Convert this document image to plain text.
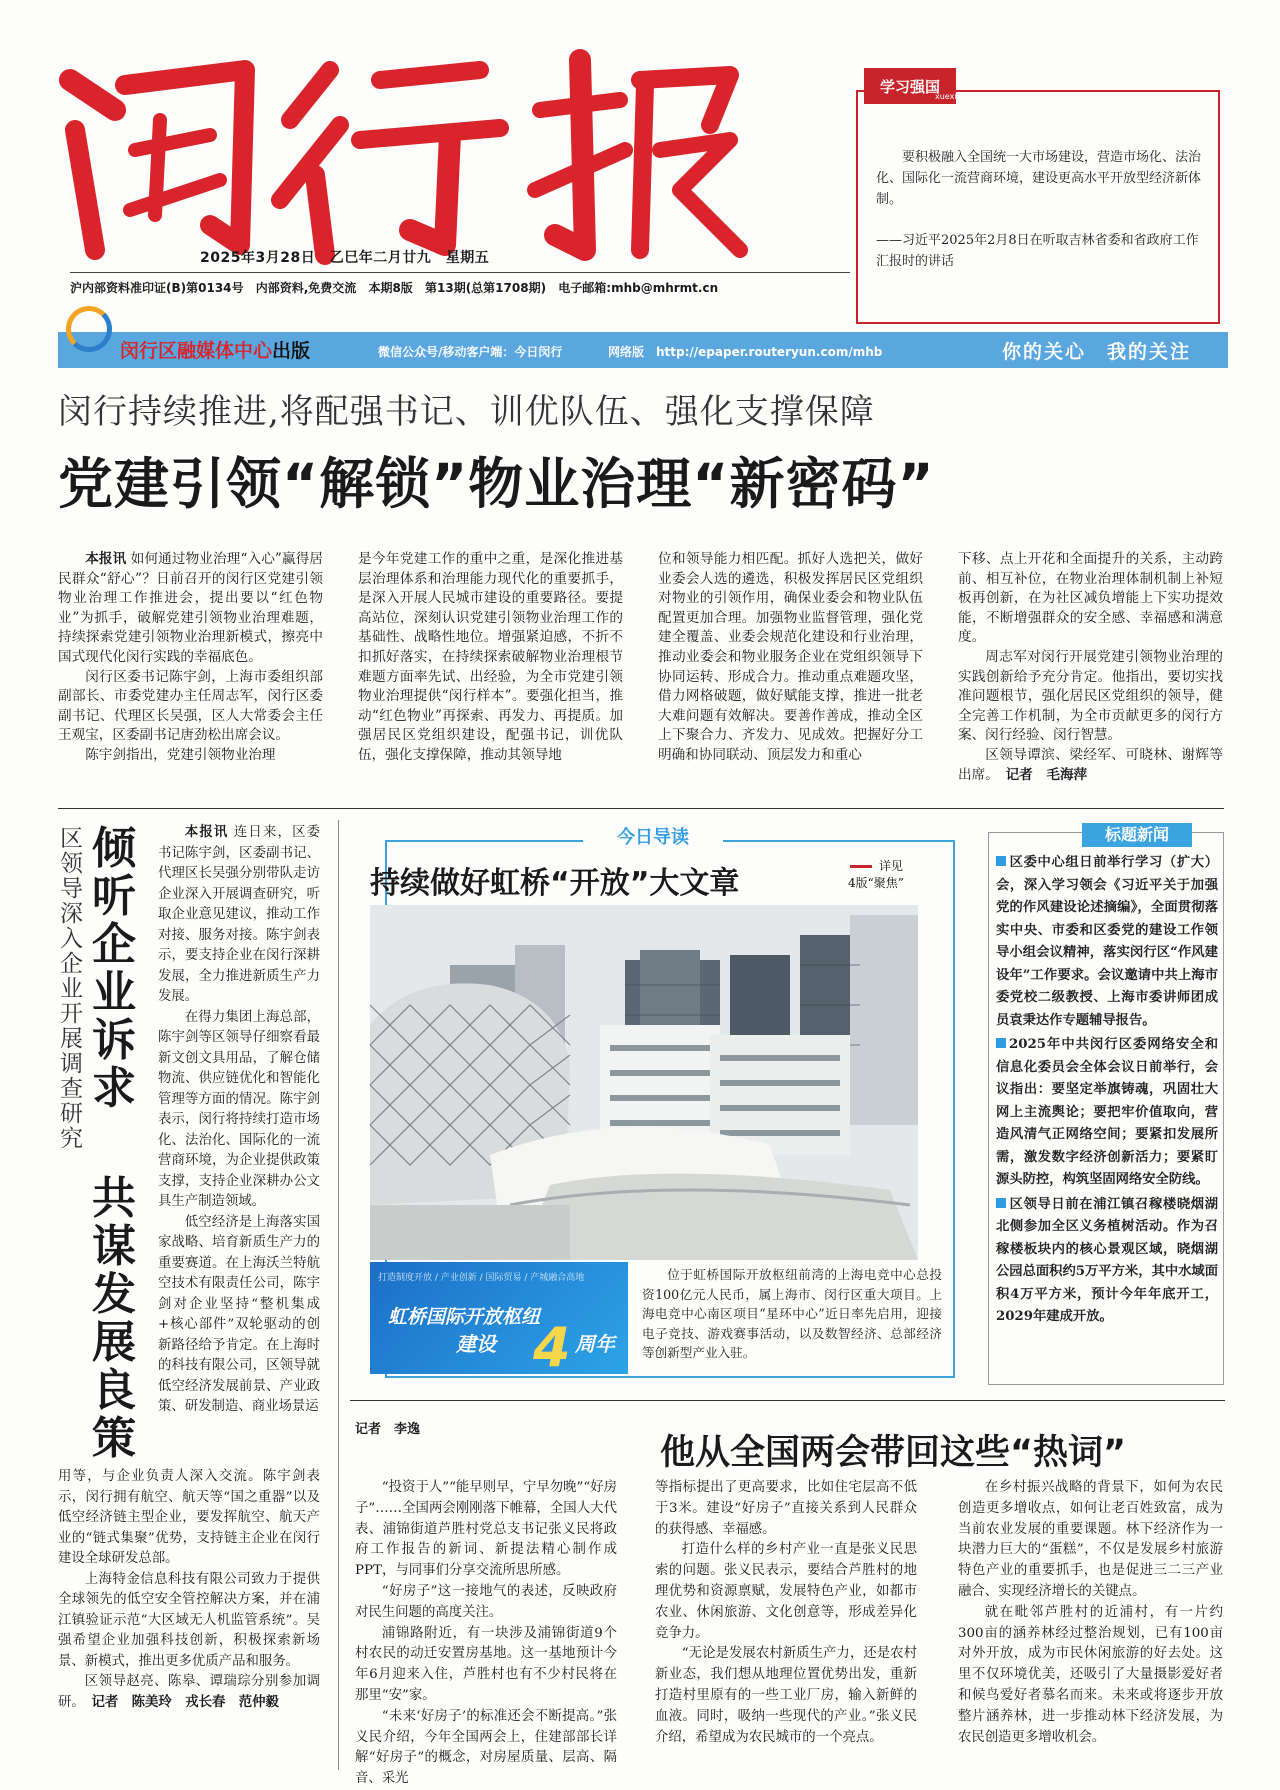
2025年3月28日　乙巳年二月廿九　星期五
沪内部资料准印证(B)第0134号 内部资料,免费交流 本期8版 第13期(总第1708期) 电子邮箱:mhb@mhrmt.cn
闵行区融媒体中心出版	微信公众号/移动客户端：今日闵行	网络版　http://epaper.routeryun.com/mhb	你的关心　我的关注
学习强国
xuexi.cn
要积极融入全国统一大市场建设，营造市场化、法治化、国际化一流营商环境，建设更高水平开放型经济新体制。
——习近平2025年2月8日在听取吉林省委和省政府工作汇报时的讲话
闵行持续推进,将配强书记、训优队伍、强化支撑保障
党建引领“解锁”物业治理“新密码”

本报讯 如何通过物业治理“入心”赢得居民群众“舒心”？日前召开的闵行区党建引领物业治理工作推进会，提出要以“红色物业”为抓手，破解党建引领物业治理难题，持续探索党建引领物业治理新模式，擦亮中国式现代化闵行实践的幸福底色。

闵行区委书记陈宇剑，上海市委组织部副部长、市委党建办主任周志军，闵行区委副书记、代理区长吴强，区人大常委会主任王观宝，区委副书记唐劲松出席会议。

陈宇剑指出，党建引领物业治理

是今年党建工作的重中之重，是深化推进基层治理体系和治理能力现代化的重要抓手，是深入开展人民城市建设的重要路径。要提高站位，深刻认识党建引领物业治理工作的基础性、战略性地位。增强紧迫感，不折不扣抓好落实，在持续探索破解物业治理根节难题方面率先试、出经验，为全市党建引领物业治理提供“闵行样本”。要强化担当，推动“红色物业”再探索、再发力、再提质。加强居民区党组织建设，配强书记，训优队伍，强化支撑保障，推动其领导地

位和领导能力相匹配。抓好人选把关，做好业委会人选的遴选，积极发挥居民区党组织对物业的引领作用，确保业委会和物业队伍配置更加合理。加强物业监督管理，强化党建全覆盖、业委会规范化建设和行业治理，推动业委会和物业服务企业在党组织领导下协同运转、形成合力。推动重点难题攻坚，借力网格破题，做好赋能支撑，推进一批老大难问题有效解决。要善作善成，推动全区上下聚合力、齐发力、见成效。把握好分工明确和协同联动、顶层发力和重心

下移、点上开花和全面提升的关系，主动跨前、相互补位，在物业治理体制机制上补短板再创新，在为社区减负增能上下实功提效能，不断增强群众的安全感、幸福感和满意度。

周志军对闵行开展党建引领物业治理的实践创新给予充分肯定。他指出，要切实找准问题根节，强化居民区党组织的领导，健全完善工作机制，为全市贡献更多的闵行方案、闵行经验、闵行智慧。

区领导谭滨、梁经军、可晓林、谢辉等出席。　 记者　毛海萍

区领导深入企业开展调查研究
倾听企业诉求
共谋发展良策

本报讯 连日来，区委书记陈宇剑，区委副书记、代理区长吴强分别带队走访企业深入开展调查研究，听取企业意见建议，推动工作对接、服务对接。陈宇剑表示，要支持企业在闵行深耕发展，全力推进新质生产力发展。

在得力集团上海总部，陈宇剑等区领导仔细察看最新文创文具用品，了解仓储物流、供应链优化和智能化管理等方面的情况。陈宇剑表示，闵行将持续打造市场化、法治化、国际化的一流营商环境，为企业提供政策支撑，支持企业深耕办公文具生产制造领域。

低空经济是上海落实国家战略、培育新质生产力的重要赛道。在上海沃兰特航空技术有限责任公司，陈宇剑对企业坚持“整机集成+核心部件”双轮驱动的创新路径给予肯定。在上海时的科技有限公司，区领导就低空经济发展前景、产业政策、研发制造、商业场景运

用等，与企业负责人深入交流。陈宇剑表示，闵行拥有航空、航天等“国之重器”以及低空经济链主型企业，要发挥航空、航天产业的“链式集聚”优势，支持链主企业在闵行建设全球研发总部。

上海特金信息科技有限公司致力于提供全球领先的低空安全管控解决方案，并在浦江镇验证示范“大区域无人机监管系统”。吴强希望企业加强科技创新，积极探索新场景、新模式，推出更多优质产品和服务。

区领导赵亮、陈皋、谭瑞琮分别参加调研。　 记者　陈美玲　戎长春　范仲毅

今日导读
持续做好虹桥“开放”大文章	详见
4版“聚焦”
打造制度开放 / 产业创新 / 国际贸易 / 产城融合高地
虹桥国际开放枢纽
建设 4 周年
位于虹桥国际开放枢纽前湾的上海电竞中心总投资100亿元人民币，属上海市、闵行区重大项目。上海电竞中心南区项目“星环中心”近日率先启用，迎接电子竞技、游戏赛事活动，以及数智经济、总部经济等创新型产业入驻。
标题新闻

区委中心组日前举行学习（扩大）会，深入学习领会《习近平关于加强党的作风建设论述摘编》，全面贯彻落实中央、市委和区委党的建设工作领导小组会议精神，落实闵行区“作风建设年”工作要求。会议邀请中共上海市委党校二级教授、上海市委讲师团成员袁秉达作专题辅导报告。

2025年中共闵行区委网络安全和信息化委员会全体会议日前举行，会议指出：要坚定举旗铸魂，巩固壮大网上主流舆论；要把牢价值取向，营造风清气正网络空间；要紧扣发展所需，激发数字经济创新活力；要紧盯源头防控，构筑坚固网络安全防线。

区领导日前在浦江镇召稼楼晓烟湖北侧参加全区义务植树活动。作为召稼楼板块内的核心景观区域，晓烟湖公园总面积约5万平方米，其中水域面积4万平方米，预计今年年底开工，2029年建成开放。

记者　李逸
他从全国两会带回这些“热词”

“投资于人”“能早则早，宁早勿晚”“好房子”……全国两会刚刚落下帷幕，全国人大代表、浦锦街道芦胜村党总支书记张义民将政府工作报告的新词、新提法精心制作成PPT，与同事们分享交流所思所感。

“好房子”这一接地气的表述，反映政府对民生问题的高度关注。

浦锦路附近，有一块涉及浦锦街道9个村农民的动迁安置房基地。这一基地预计今年6月迎来入住，芦胜村也有不少村民将在那里“安”家。

“未来‘好房子’的标准还会不断提高。”张义民介绍，今年全国两会上，住建部部长详解“好房子”的概念，对房屋质量、层高、隔音、采光

等指标提出了更高要求，比如住宅层高不低于3米。建设“好房子”直接关系到人民群众的获得感、幸福感。

打造什么样的乡村产业一直是张义民思索的问题。张义民表示，要结合芦胜村的地理优势和资源禀赋，发展特色产业，如都市农业、休闲旅游、文化创意等，形成差异化竞争力。

“无论是发展农村新质生产力，还是农村新业态，我们想从地理位置优势出发，重新打造村里原有的一些工业厂房，输入新鲜的血液。同时，吸纳一些现代的产业。”张义民介绍，希望成为农民城市的一个亮点。

在乡村振兴战略的背景下，如何为农民创造更多增收点，如何让老百姓致富，成为当前农业发展的重要课题。林下经济作为一块潜力巨大的“蛋糕”，不仅是发展乡村旅游特色产业的重要抓手，也是促进三二三产业融合、实现经济增长的关键点。

就在毗邻芦胜村的近浦村，有一片约300亩的涵养林经过整治规划，已有100亩对外开放，成为市民休闲旅游的好去处。这里不仅环境优美，还吸引了大量摄影爱好者和候鸟爱好者慕名而来。未来或将逐步开放整片涵养林，进一步推动林下经济发展，为农民创造更多增收机会。
